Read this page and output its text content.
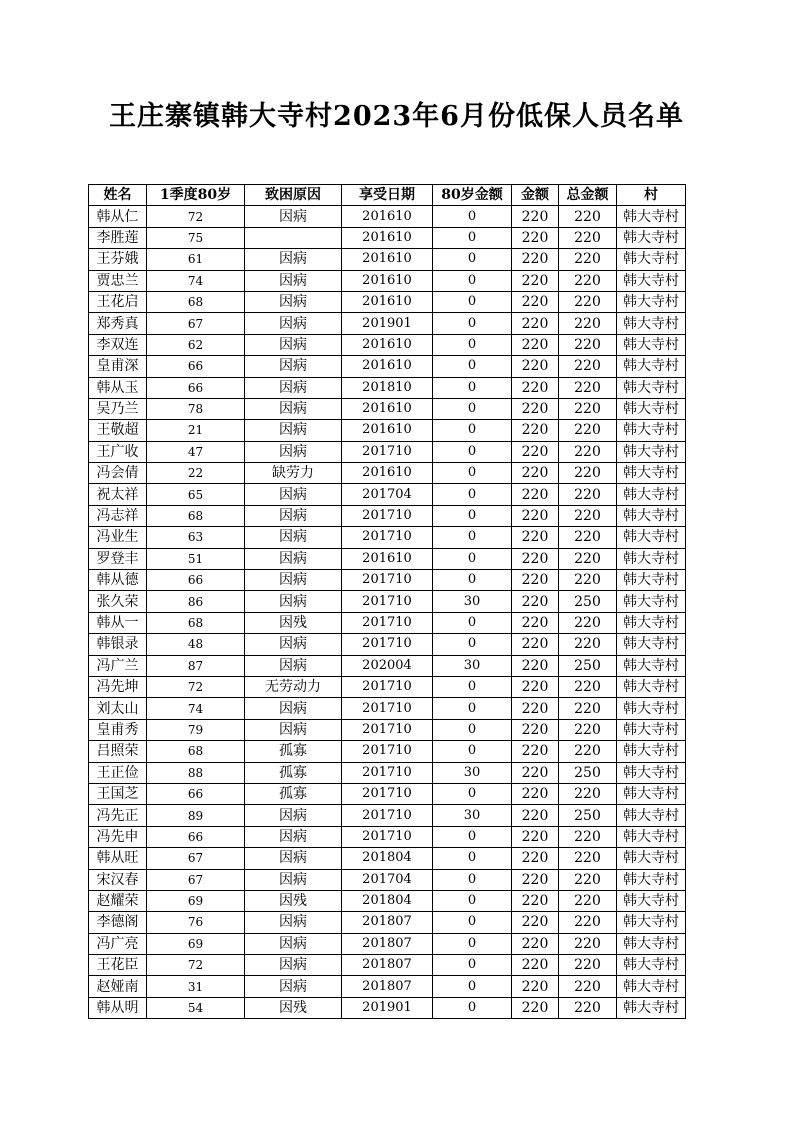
王庄寨镇韩大寺村2023年6月份低保人员名单
姓名	1季度80岁	致困原因	享受日期	80岁金额	金额	总金额	村
韩从仁	72	因病	201610	0	220	220	韩大寺村
李胜莲	75		201610	0	220	220	韩大寺村
王芬娥	61	因病	201610	0	220	220	韩大寺村
贾忠兰	74	因病	201610	0	220	220	韩大寺村
王花启	68	因病	201610	0	220	220	韩大寺村
郑秀真	67	因病	201901	0	220	220	韩大寺村
李双连	62	因病	201610	0	220	220	韩大寺村
皇甫深	66	因病	201610	0	220	220	韩大寺村
韩从玉	66	因病	201810	0	220	220	韩大寺村
吴乃兰	78	因病	201610	0	220	220	韩大寺村
王敬超	21	因病	201610	0	220	220	韩大寺村
王广收	47	因病	201710	0	220	220	韩大寺村
冯会倩	22	缺劳力	201610	0	220	220	韩大寺村
祝太祥	65	因病	201704	0	220	220	韩大寺村
冯志祥	68	因病	201710	0	220	220	韩大寺村
冯业生	63	因病	201710	0	220	220	韩大寺村
罗登丰	51	因病	201610	0	220	220	韩大寺村
韩从德	66	因病	201710	0	220	220	韩大寺村
张久荣	86	因病	201710	30	220	250	韩大寺村
韩从一	68	因残	201710	0	220	220	韩大寺村
韩银录	48	因病	201710	0	220	220	韩大寺村
冯广兰	87	因病	202004	30	220	250	韩大寺村
冯先坤	72	无劳动力	201710	0	220	220	韩大寺村
刘太山	74	因病	201710	0	220	220	韩大寺村
皇甫秀	79	因病	201710	0	220	220	韩大寺村
吕照荣	68	孤寡	201710	0	220	220	韩大寺村
王正俭	88	孤寡	201710	30	220	250	韩大寺村
王国芝	66	孤寡	201710	0	220	220	韩大寺村
冯先正	89	因病	201710	30	220	250	韩大寺村
冯先申	66	因病	201710	0	220	220	韩大寺村
韩从旺	67	因病	201804	0	220	220	韩大寺村
宋汉春	67	因病	201704	0	220	220	韩大寺村
赵耀荣	69	因残	201804	0	220	220	韩大寺村
李德阁	76	因病	201807	0	220	220	韩大寺村
冯广亮	69	因病	201807	0	220	220	韩大寺村
王花臣	72	因病	201807	0	220	220	韩大寺村
赵娅南	31	因病	201807	0	220	220	韩大寺村
韩从明	54	因残	201901	0	220	220	韩大寺村
